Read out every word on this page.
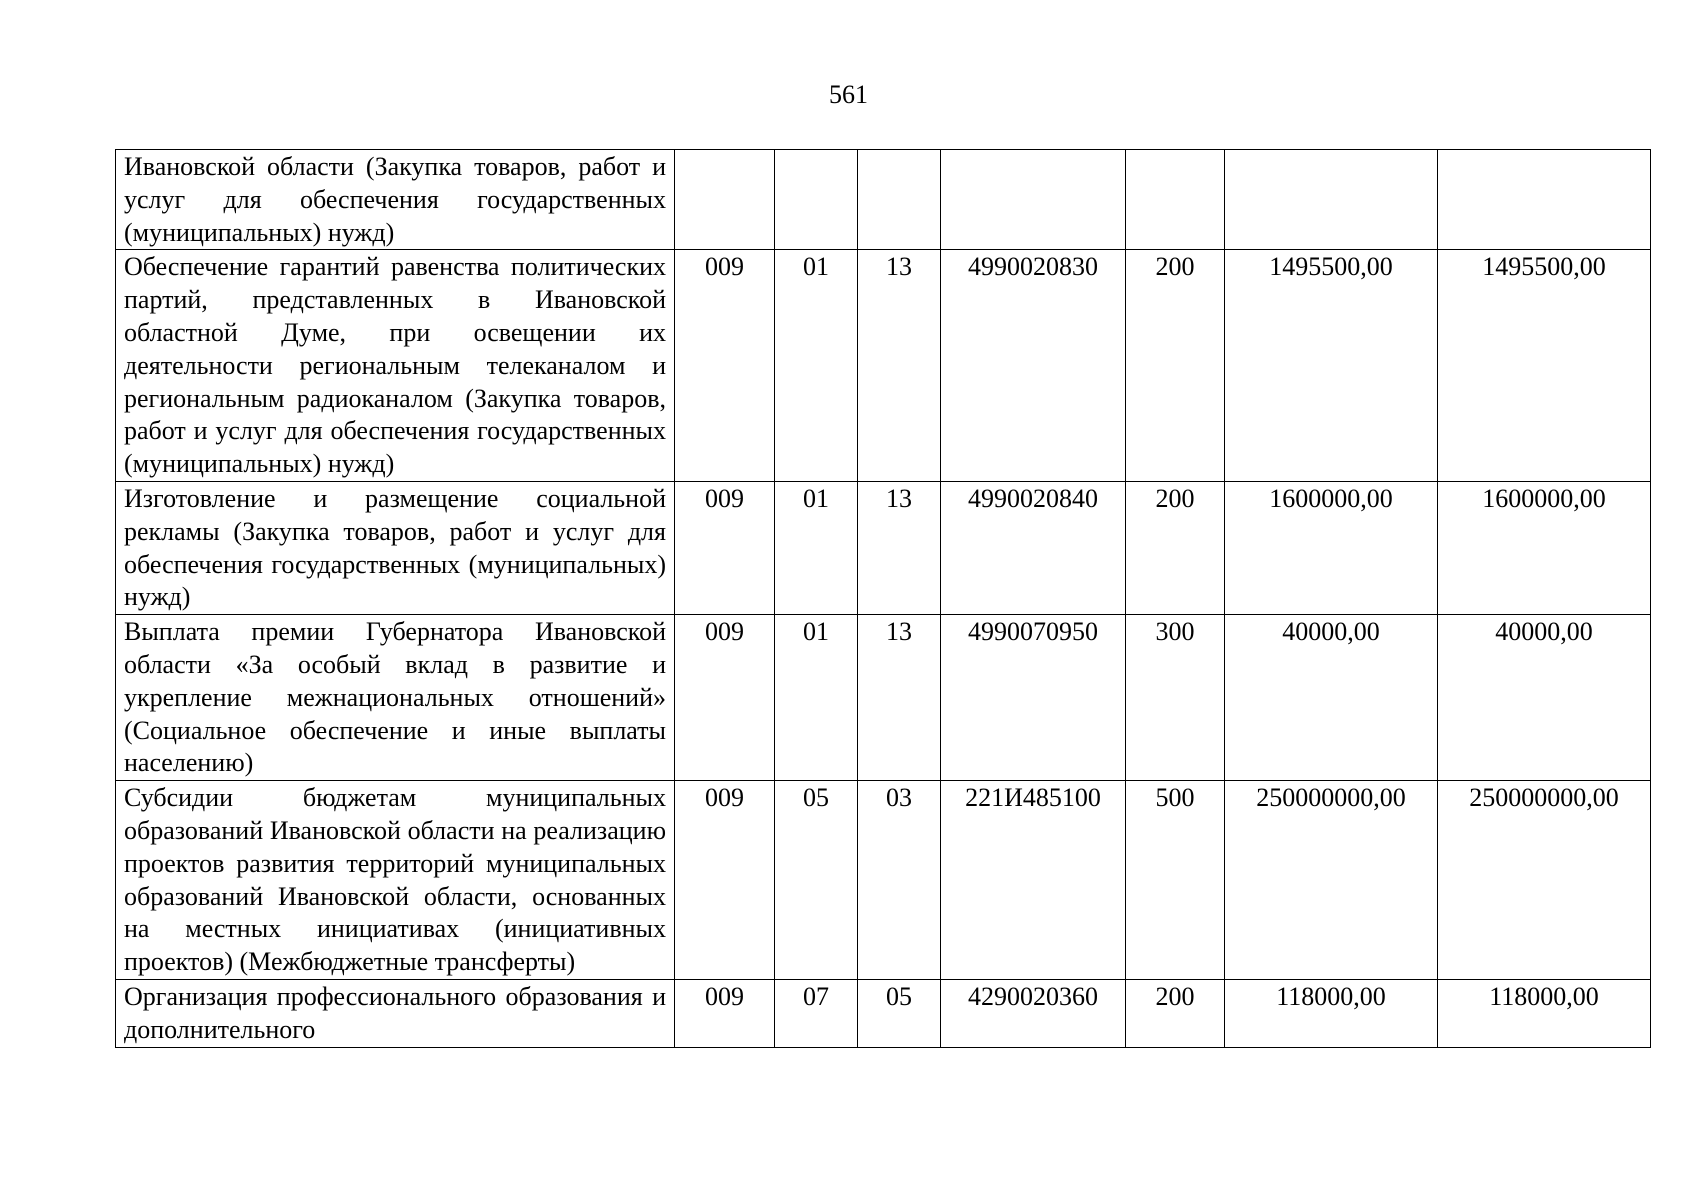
561
Ивановской области (Закупка товаров, работ и услуг для обеспечения государственных (муниципальных) нужд)							
Обеспечение гарантий равенства политических партий, представленных в Ивановской областной Думе, при освещении их деятельности региональным телеканалом и региональным радиоканалом (Закупка товаров, работ и услуг для обеспечения государственных (муниципальных) нужд)	009	01	13	4990020830	200	1495500,00	1495500,00
Изготовление и размещение социальной рекламы (Закупка товаров, работ и услуг для обеспечения государственных (муниципальных) нужд)	009	01	13	4990020840	200	1600000,00	1600000,00
Выплата премии Губернатора Ивановской области «За особый вклад в развитие и укрепление межнациональных отношений» (Социальное обеспечение и иные выплаты населению)	009	01	13	4990070950	300	40000,00	40000,00
Субсидии бюджетам муниципальных образований Ивановской области на реализацию проектов развития территорий муниципальных образований Ивановской области, основанных на местных инициативах (инициативных проектов) (Межбюджетные трансферты)	009	05	03	221И485100	500	250000000,00	250000000,00
Организация профессионального образования и дополнительного	009	07	05	4290020360	200	118000,00	118000,00
